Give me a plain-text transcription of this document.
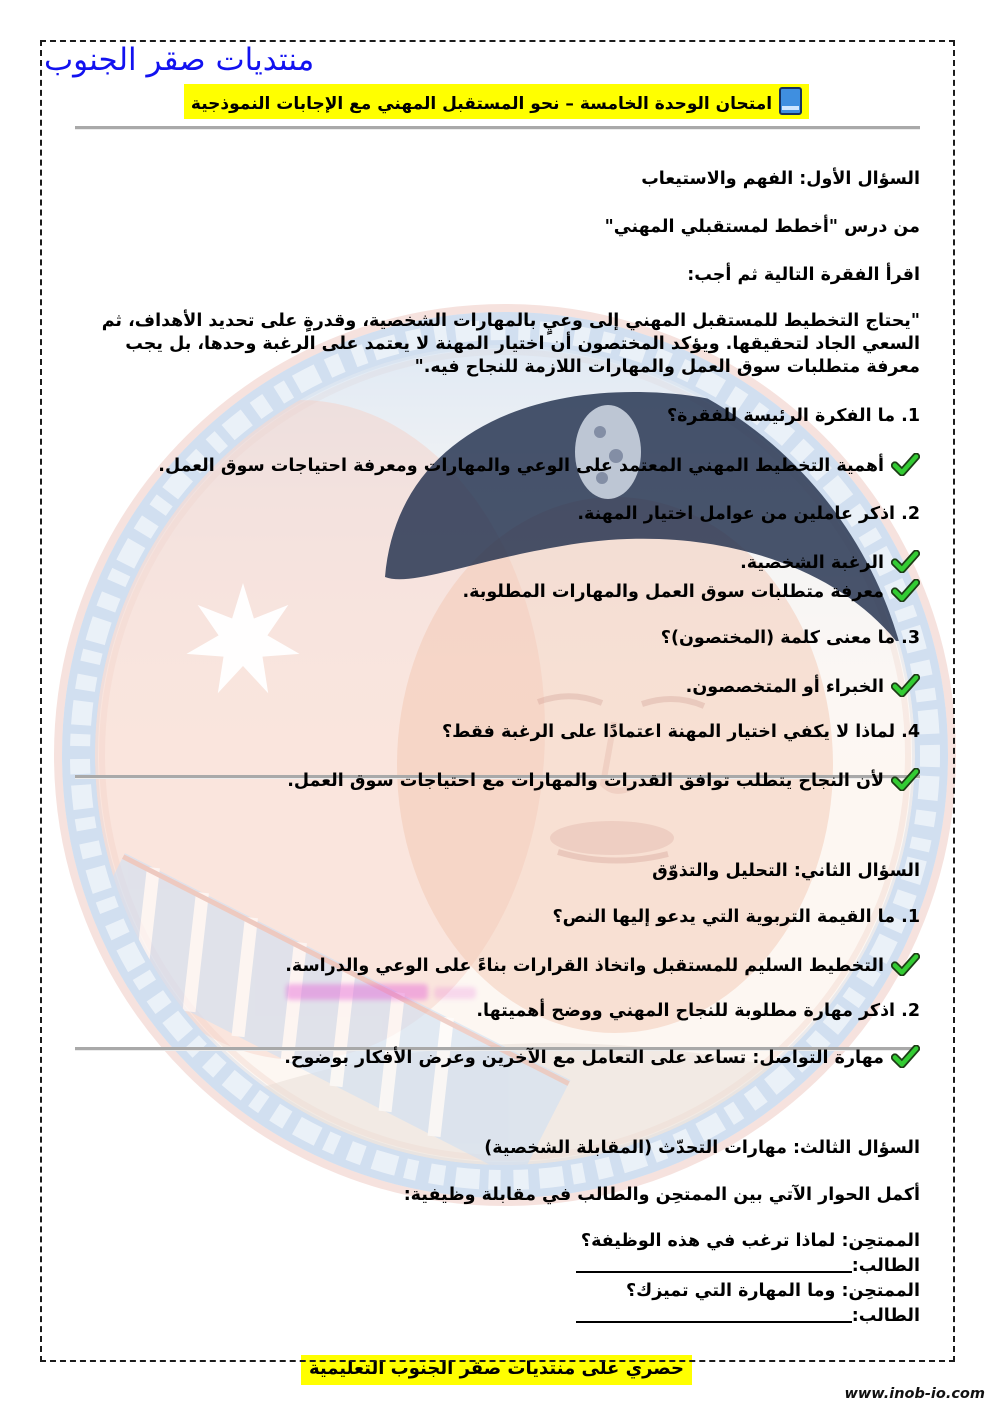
منتديات صقر الجنوب
امتحان الوحدة الخامسة – نحو المستقبل المهني مع الإجابات النموذجية

السؤال الأول: الفهم والاستيعاب

من درس "أخطط لمستقبلي المهني"

اقرأ الفقرة التالية ثم أجب:

"يحتاج التخطيط للمستقبل المهني إلى وعيٍ بالمهارات الشخصية، وقدرةٍ على تحديد الأهداف، ثم السعي الجاد لتحقيقها. ويؤكد المختصون أن اختيار المهنة لا يعتمد على الرغبة وحدها، بل يجب معرفة متطلبات سوق العمل والمهارات اللازمة للنجاح فيه."

1. ما الفكرة الرئيسة للفقرة؟

أهمية التخطيط المهني المعتمد على الوعي والمهارات ومعرفة احتياجات سوق العمل.

2. اذكر عاملين من عوامل اختيار المهنة.

الرغبة الشخصية.

معرفة متطلبات سوق العمل والمهارات المطلوبة.

3. ما معنى كلمة (المختصون)؟

الخبراء أو المتخصصون.

4. لماذا لا يكفي اختيار المهنة اعتمادًا على الرغبة فقط؟

لأن النجاح يتطلب توافق القدرات والمهارات مع احتياجات سوق العمل.

السؤال الثاني: التحليل والتذوّق

1. ما القيمة التربوية التي يدعو إليها النص؟

التخطيط السليم للمستقبل واتخاذ القرارات بناءً على الوعي والدراسة.

2. اذكر مهارة مطلوبة للنجاح المهني ووضح أهميتها.

مهارة التواصل: تساعد على التعامل مع الآخرين وعرض الأفكار بوضوح.

السؤال الثالث: مهارات التحدّث (المقابلة الشخصية)

أكمل الحوار الآتي بين الممتحِن والطالب في مقابلة وظيفية:

الممتحِن: لماذا ترغب في هذه الوظيفة؟

الطالب:

الممتحِن: وما المهارة التي تميزك؟

الطالب:

حصري على منتديات صقر الجنوب التعليمية
www.inob-io.com
